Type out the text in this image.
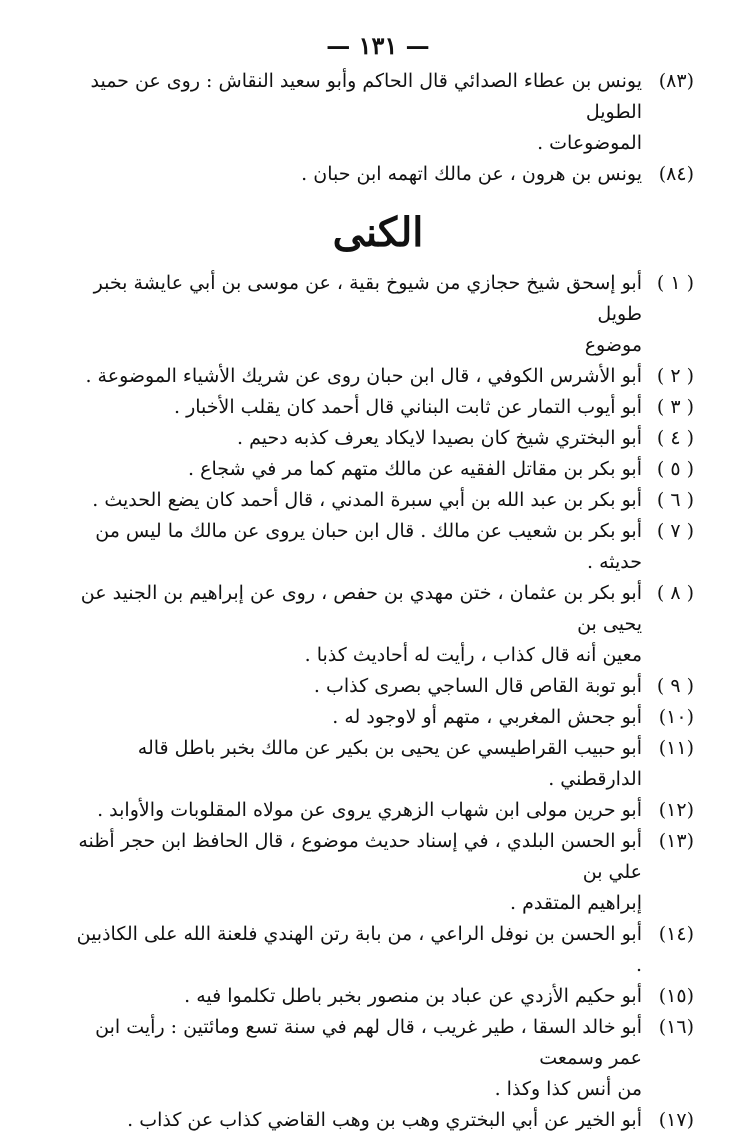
— ١٣١ —

(٨٣)
يونس بن عطاء الصدائي قال الحاكم وأبو سعيد النقاش : روى عن حميد الطويل
الموضوعات .

(٨٤)
يونس بن هرون ، عن مالك اتهمه ابن حبان .

الكنى

( ١ )
أبو إسحق شيخ حجازي من شيوخ بقية ، عن موسى بن أبي عايشة بخبر طويل
موضوع

( ٢ )
أبو الأشرس الكوفي ، قال ابن حبان روى عن شريك الأشياء الموضوعة .

( ٣ )
أبو أيوب التمار عن ثابت البناني قال أحمد كان يقلب الأخبار .

( ٤ )
أبو البختري شيخ كان بصيدا لايكاد يعرف كذبه دحيم .

( ٥ )
أبو بكر بن مقاتل الفقيه عن مالك متهم كما مر في شجاع .

( ٦ )
أبو بكر بن عبد الله بن أبي سبرة المدني ، قال أحمد كان يضع الحديث .

( ٧ )
أبو بكر بن شعيب عن مالك . قال ابن حبان يروى عن مالك ما ليس من حديثه .

( ٨ )
أبو بكر بن عثمان ، ختن مهدي بن حفص ، روى عن إبراهيم بن الجنيد عن يحيى بن
معين أنه قال كذاب ، رأيت له أحاديث كذبا .

( ٩ )
أبو توبة القاص قال الساجي بصرى كذاب .

(١٠)
أبو جحش المغربي ، متهم أو لاوجود له .

(١١)
أبو حبيب القراطيسي عن يحيى بن بكير عن مالك بخبر باطل قاله الدارقطني .

(١٢)
أبو حرين مولى ابن شهاب الزهري يروى عن مولاه المقلوبات والأوابد .

(١٣)
أبو الحسن البلدي ، في إسناد حديث موضوع ، قال الحافظ ابن حجر أظنه علي بن
إبراهيم المتقدم .

(١٤)
أبو الحسن بن نوفل الراعي ، من بابة رتن الهندي فلعنة الله على الكاذبين .

(١٥)
أبو حكيم الأزدي عن عباد بن منصور بخبر باطل تكلموا فيه .

(١٦)
أبو خالد السقا ، طير غريب ، قال لهم في سنة تسع ومائتين : رأيت ابن عمر وسمعت
من أنس كذا وكذا .

(١٧)
أبو الخير عن أبي البختري وهب بن وهب القاضي كذاب عن كذاب .
